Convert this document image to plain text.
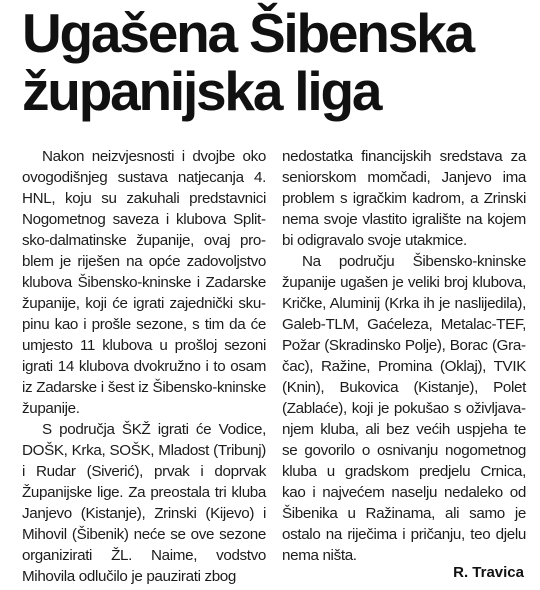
Ugašena Šibenska
županijska liga

Nakon neizvjesnosti i dvojbe oko ovogodišnjeg sustava natjecanja 4. HNL, koju su zakuhali predstavnici Nogometnog saveza i klubova Splitsko-dalmatinske županije, ovaj problem je riješen na opće zadovoljstvo klubova Šibensko-kninske i Zadarske županije, koji će igrati zajednički skupinu kao i prošle sezone, s tim da će umjesto 11 klubova u prošloj sezoni igrati 14 klubova dvokružno i to osam iz Zadarske i šest iz Šibensko-kninske županije.

S područja ŠKŽ igrati će Vodice, DOŠK, Krka, SOŠK, Mladost (Tribunj) i Rudar (Siverić), prvak i doprvak Županijske lige. Za preostala tri kluba Janjevo (Kistanje), Zrinski (Kijevo) i Mihovil (Šibenik) neće se ove sezone organizirati ŽL. Naime, vodstvo Mihovila odlučilo je pauzirati zbog

nedostatka financijskih sredstava za seniorskom momčadi, Janjevo ima problem s igračkim kadrom, a Zrinski nema svoje vlastito igralište na kojem bi odigravalo svoje utakmice.

Na području Šibensko-kninske županije ugašen je veliki broj klubova, Kričke, Aluminij (Krka ih je naslijedila), Galeb-TLM, Gaćeleza, Metalac-TEF, Požar (Skradinsko Polje), Borac (Gračac), Ražine, Promina (Oklaj), TVIK (Knin), Bukovica (Kistanje), Polet (Zablaće), koji je pokušao s oživljavanjem kluba, ali bez većih uspjeha te se govorilo o osnivanju nogometnog kluba u gradskom predjelu Crnica, kao i najvećem naselju nedaleko od Šibenika u Ražinama, ali samo je ostalo na riječima i pričanju, teo djelu nema ništa.

R. Travica
